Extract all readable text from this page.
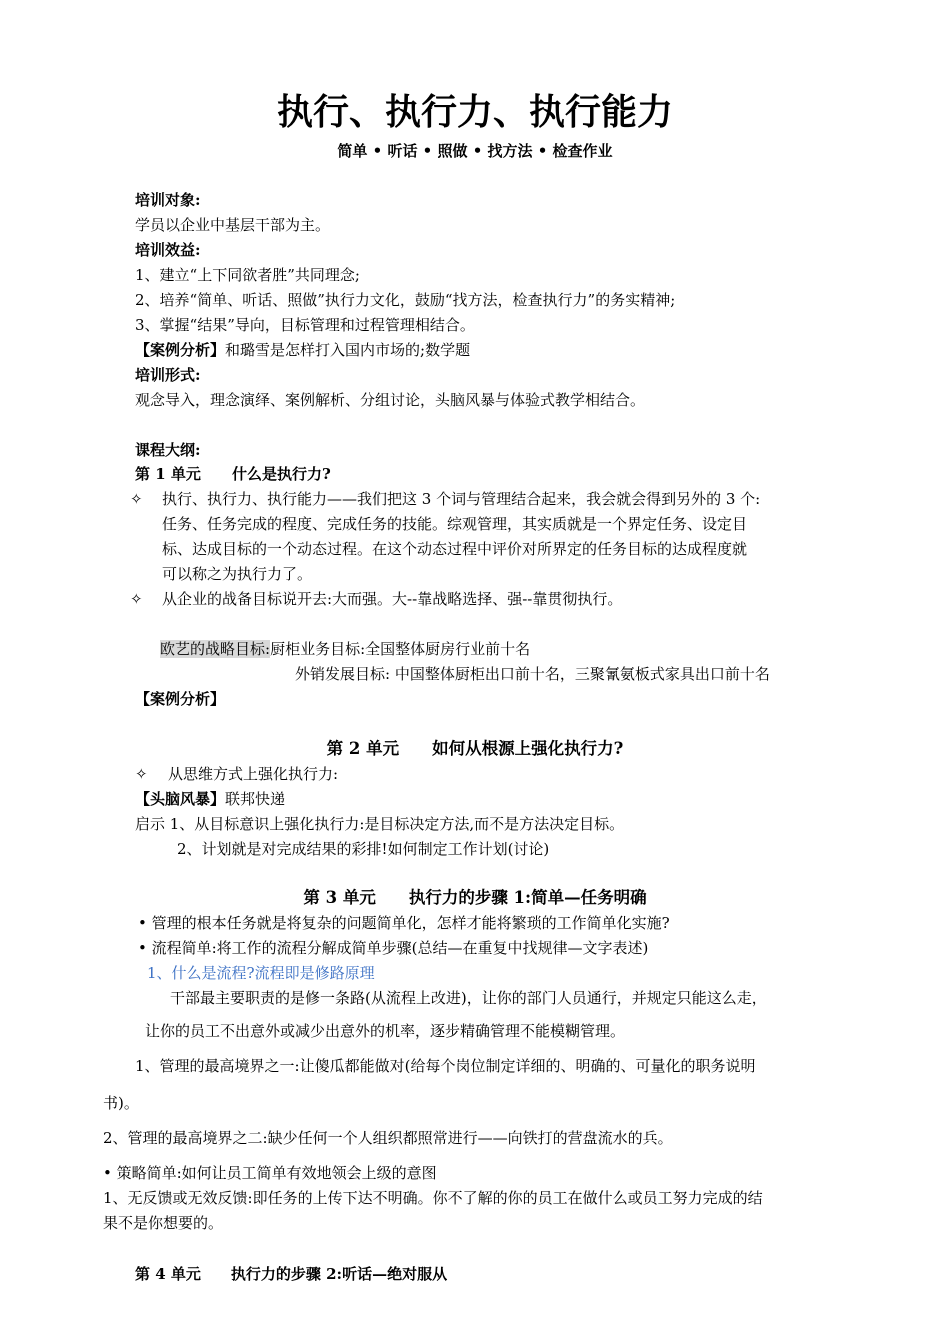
执行、执行力、执行能力
简单 • 听话 • 照做 • 找方法 • 检查作业
培训对象:
学员以企业中基层干部为主。
培训效益:
1、建立“上下同欲者胜”共同理念;
2、培养“简单、听话、照做”执行力文化，鼓励“找方法，检查执行力”的务实精神;
3、掌握“结果”导向，目标管理和过程管理相结合。
【案例分析】和璐雪是怎样打入国内市场的;数学题
培训形式:
观念导入，理念演绎、案例解析、分组讨论，头脑风暴与体验式教学相结合。
课程大纲:
第 1 单元 什么是执行力?
✧ 执行、执行力、执行能力——我们把这 3 个词与管理结合起来，我会就会得到另外的 3 个:
任务、任务完成的程度、完成任务的技能。综观管理，其实质就是一个界定任务、设定目
标、达成目标的一个动态过程。在这个动态过程中评价对所界定的任务目标的达成程度就
可以称之为执行力了。
✧ 从企业的战备目标说开去:大而强。大--靠战略选择、强--靠贯彻执行。
欧艺的战略目标:厨柜业务目标:全国整体厨房行业前十名
外销发展目标: 中国整体厨柜出口前十名，三聚氰氨板式家具出口前十名
【案例分析】
第 2 单元　　如何从根源上强化执行力?
✧ 从思维方式上强化执行力:
【头脑风暴】联邦快递
启示 1、从目标意识上强化执行力:是目标决定方法,而不是方法决定目标。
2、计划就是对完成结果的彩排!如何制定工作计划(讨论)
第 3 单元　　执行力的步骤 1:简单—任务明确
• 管理的根本任务就是将复杂的问题简单化，怎样才能将繁琐的工作简单化实施?
• 流程简单:将工作的流程分解成简单步骤(总结—在重复中找规律—文字表述)
1、什么是流程?流程即是修路原理
干部最主要职责的是修一条路(从流程上改进)，让你的部门人员通行，并规定只能这么走，
让你的员工不出意外或减少出意外的机率，逐步精确管理不能模糊管理。
1、管理的最高境界之一:让傻瓜都能做对(给每个岗位制定详细的、明确的、可量化的职务说明
书)。
2、管理的最高境界之二:缺少任何一个人组织都照常进行——向铁打的营盘流水的兵。
• 策略简单:如何让员工简单有效地领会上级的意图
1、无反馈或无效反馈:即任务的上传下达不明确。你不了解的你的员工在做什么或员工努力完成的结
果不是你想要的。
第 4 单元　　执行力的步骤 2:听话—绝对服从
